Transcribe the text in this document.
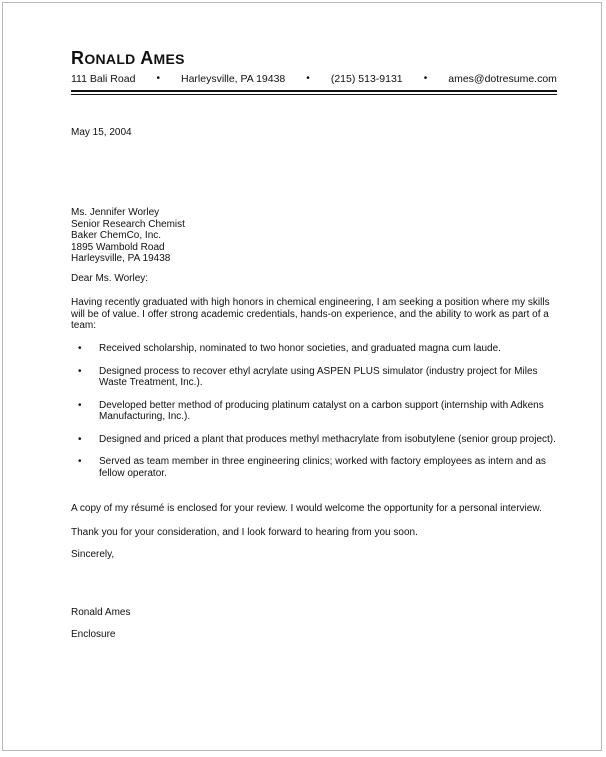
RONALD AMES
111 Bali Road • Harleysville, PA 19438 • (215) 513-9131 • ames@dotresume.com
May 15, 2004
Ms. Jennifer Worley
Senior Research Chemist
Baker ChemCo, Inc.
1895 Wambold Road
Harleysville, PA 19438
Dear Ms. Worley:
Having recently graduated with high honors in chemical engineering, I am seeking a position where my skills will be of value. I offer strong academic credentials, hands-on experience, and the ability to work as part of a team:
• Received scholarship, nominated to two honor societies, and graduated magna cum laude.
• Designed process to recover ethyl acrylate using ASPEN PLUS simulator (industry project for Miles Waste Treatment, Inc.).
• Developed better method of producing platinum catalyst on a carbon support (internship with Adkens Manufacturing, Inc.).
• Designed and priced a plant that produces methyl methacrylate from isobutylene (senior group project).
• Served as team member in three engineering clinics; worked with factory employees as intern and as fellow operator.
A copy of my résumé is enclosed for your review. I would welcome the opportunity for a personal interview.
Thank you for your consideration, and I look forward to hearing from you soon.
Sincerely,
Ronald Ames
Enclosure
